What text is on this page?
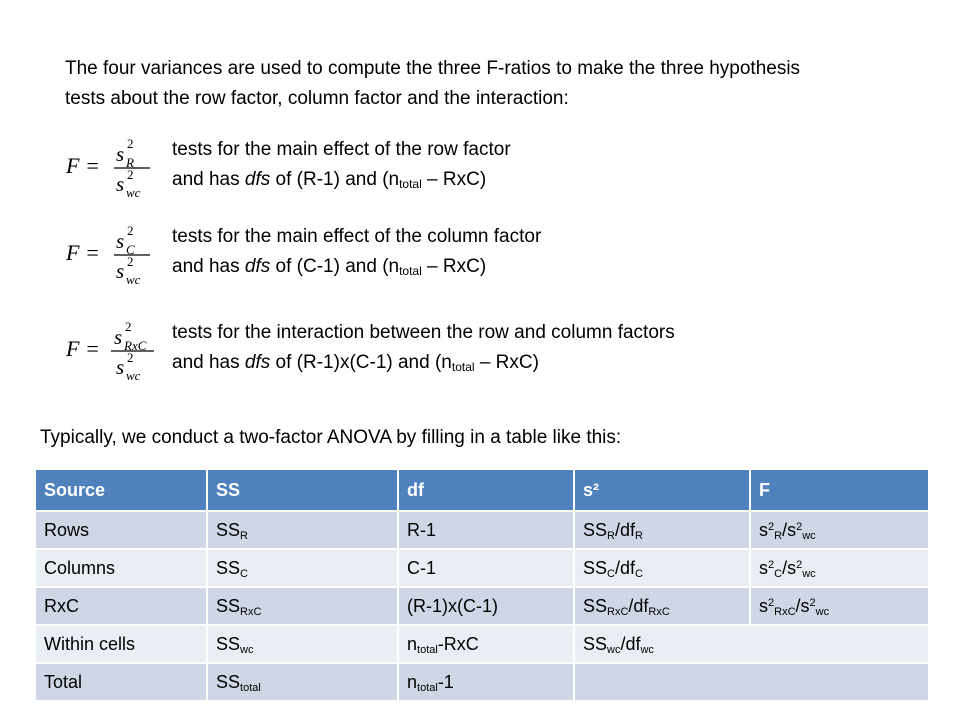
The four variances are used to compute the three F-ratios to make the three hypothesis
tests about the row factor, column factor and the interaction:
F = s 2
R
s 2
wc
tests for the main effect of the row factor
and has dfs of (R-1) and $(n_{total} - RxC)$
F = s 2
C
s 2
wc
tests for the main effect of the column factor
and has dfs of (C-1) and $(n_{total} - RxC)$
F = s 2
RxC
s 2
wc
tests for the interaction between the row and column factors
and has dfs of (R-1)x(C-1) and $(n_{total} - RxC)$
Typically, we conduct a two-factor ANOVA by filling in a table like this:
Source	SS	df	s²	F
Rows	$SS_R$	R-1	$SS_R/df_R$	$s^2_R/s^2_{wc}$
Columns	$SS_C$	C-1	$SS_C/df_C$	$s^2_C/s^2_{wc}$
RxC	$SS_{RxC}$	(R-1)x(C-1)	$SS_{RxC}/df_{RxC}$	$s^2_{RxC}/s^2_{wc}$
Within cells	$SS_{wc}$	$n_{total}$-RxC	$SS_{wc}/df_{wc}$
Total	$SS_{total}$	$n_{total}-1$		
